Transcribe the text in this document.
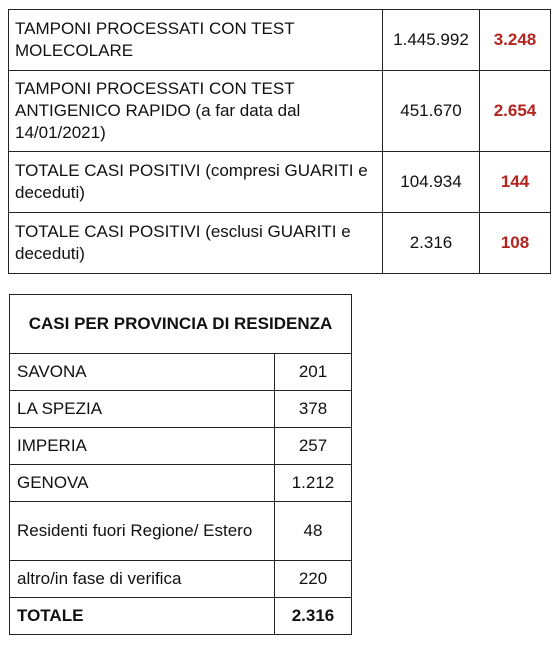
TAMPONI PROCESSATI CON TEST MOLECOLARE	1.445.992	3.248
TAMPONI PROCESSATI CON TEST ANTIGENICO RAPIDO (a far data dal 14/01/2021)	451.670	2.654
TOTALE CASI POSITIVI (compresi GUARITI e deceduti)	104.934	144
TOTALE CASI POSITIVI (esclusi GUARITI e deceduti)	2.316	108
CASI PER PROVINCIA DI RESIDENZA	
SAVONA	201
LA SPEZIA	378
IMPERIA	257
GENOVA	1.212
Residenti fuori Regione/ Estero	48
altro/in fase di verifica	220
TOTALE	2.316
